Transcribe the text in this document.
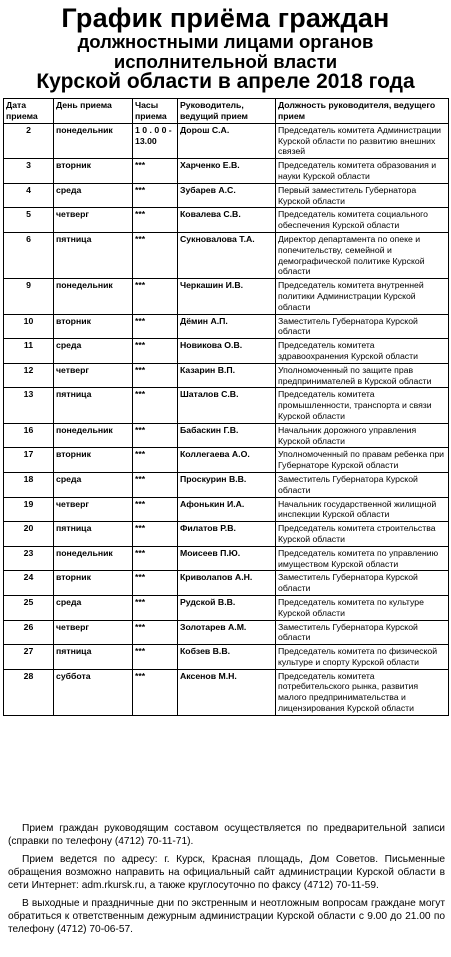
График приёма граждан
должностными лицами органов
исполнительной власти
Курской области в апреле 2018 года
Дата приема	День приема	Часы приема	Руководитель, ведущий прием	Должность руководителя, ведущего прием
2	понедельник	1 0 . 0 0 - 13.00	Дорош С.А.	Председатель комитета Администрации Курской области по развитию внешних связей
3	вторник	***	Харченко Е.В.	Председатель комитета образования и науки Курской области
4	среда	***	Зубарев А.С.	Первый заместитель Губернатора Курской области
5	четверг	***	Ковалева С.В.	Председатель комитета социального обеспечения Курской области
6	пятница	***	Сукновалова Т.А.	Директор департамента по опеке и попечительству, семейной и демографической политике Курской области
9	понедельник	***	Черкашин И.В.	Председатель комитета внутренней политики Администрации Курской области
10	вторник	***	Дёмин А.П.	Заместитель Губернатора Курской области
11	среда	***	Новикова О.В.	Председатель комитета здравоохранения Курской области
12	четверг	***	Казарин В.П.	Уполномоченный по защите прав предпринимателей в Курской области
13	пятница	***	Шаталов С.В.	Председатель комитета промышленности, транспорта и связи Курской области
16	понедельник	***	Бабаскин Г.В.	Начальник дорожного управления Курской области
17	вторник	***	Коллегаева А.О.	Уполномоченный по правам ребенка при Губернаторе Курской области
18	среда	***	Проскурин В.В.	Заместитель Губернатора Курской области
19	четверг	***	Афонькин И.А.	Начальник государственной жилищной инспекции Курской области
20	пятница	***	Филатов Р.В.	Председатель комитета строительства Курской области
23	понедельник	***	Моисеев П.Ю.	Председатель комитета по управлению имуществом Курской области
24	вторник	***	Криволапов А.Н.	Заместитель Губернатора Курской области
25	среда	***	Рудской В.В.	Председатель комитета по культуре Курской области
26	четверг	***	Золотарев А.М.	Заместитель Губернатора Курской области
27	пятница	***	Кобзев В.В.	Председатель комитета по физической культуре и спорту Курской области
28	суббота	***	Аксенов М.Н.	Председатель комитета потребительского рынка, развития малого предпринимательства и лицензирования Курской области

Прием граждан руководящим составом осуществляется по предварительной записи (справки по телефону (4712) 70-11-71).

Прием ведется по адресу: г. Курск, Красная площадь, Дом Советов. Письменные обращения возможно направить на официальный сайт администрации Курской области в сети Интернет: adm.rkursk.ru, а также круглосуточно по факсу (4712) 70-11-59.

В выходные и праздничные дни по экстренным и неотложным вопросам граждане могут обратиться к ответственным дежурным администрации Курской области с 9.00 до 21.00 по телефону (4712) 70-06-57.
